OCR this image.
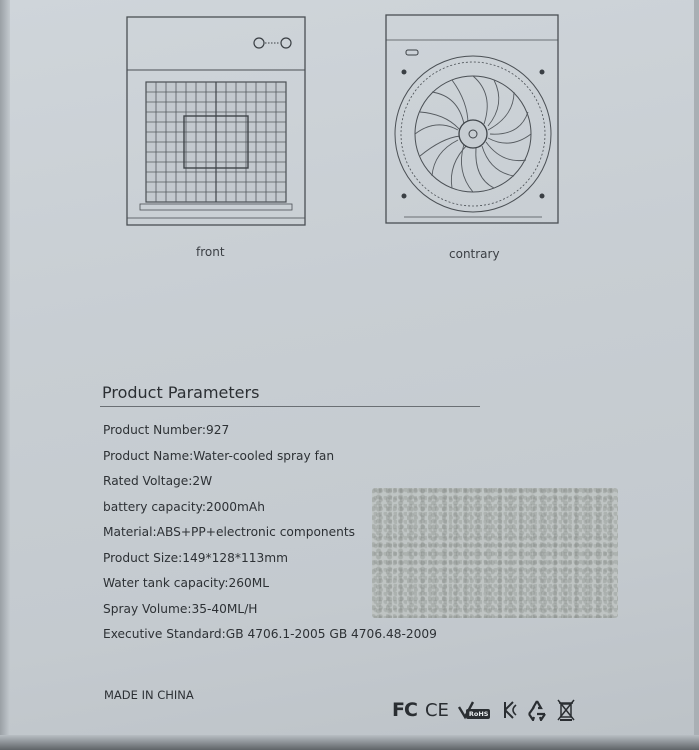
front	contrary
Product Parameters
Product Number:927
Product Name:Water-cooled spray fan
Rated Voltage:2W
battery capacity:2000mAh
Material:ABS+PP+electronic components
Product Size:149*128*113mm
Water tank capacity:260ML
Spray Volume:35-40ML/H
Executive Standard:GB 4706.1-2005 GB 4706.48-2009
MADE IN CHINA
FC CE	RoHS
